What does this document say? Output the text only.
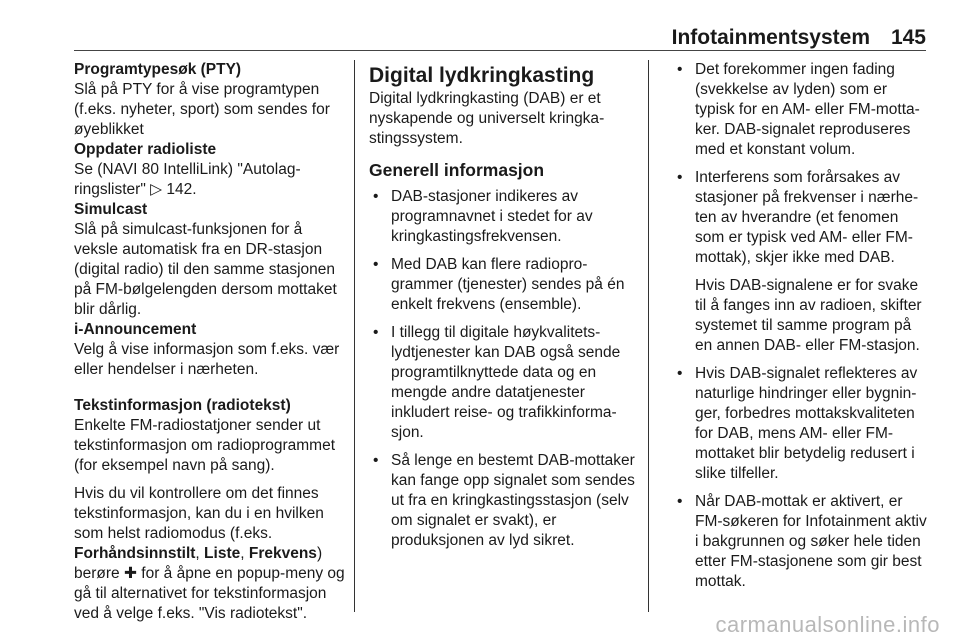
Infotainmentsystem 145
Programtypesøk (PTY)
Slå på PTY for å vise programtypen (f.eks. nyheter, sport) som sendes for øyeblikket
Oppdater radioliste
Se (NAVI 80 IntelliLink) "Autolagringslister" ▷ 142.
Simulcast
Slå på simulcast-funksjonen for å veksle automatisk fra en DR-stasjon (digital radio) til den samme stasjonen på FM-bølgelengden dersom mottaket blir dårlig.
i-Announcement
Velg å vise informasjon som f.eks. vær eller hendelser i nærheten.
Tekstinformasjon (radiotekst)

Enkelte FM-radiostatjoner sender ut tekstinformasjon om radioprogrammet (for eksempel navn på sang).

Hvis du vil kontrollere om det finnes tekstinformasjon, kan du i en hvilken som helst radiomodus (f.eks.
Forhåndsinnstilt, Liste, Frekvens)
berøre ✚ for å åpne en popup-meny og gå til alternativet for tekstinformasjon ved å velge f.eks. "Vis radiotekst".

Digital lydkringkasting

Digital lydkringkasting (DAB) er et nyskapende og universelt kringkastingssystem.

Generell informasjon
• DAB-stasjoner indikeres av programnavnet i stedet for av kringkastingsfrekvensen.
• Med DAB kan flere radioprogrammer (tjenester) sendes på én enkelt frekvens (ensemble).
• I tillegg til digitale høykvalitetslydtjenester kan DAB også sende programtilknyttede data og en mengde andre datatjenester inkludert reise- og trafikkinformasjon.
• Så lenge en bestemt DAB-mottaker kan fange opp signalet som sendes ut fra en kringkastingsstasjon (selv om signalet er svakt), er produksjonen av lyd sikret.
• Det forekommer ingen fading (svekkelse av lyden) som er typisk for en AM- eller FM-mottaker. DAB-signalet reproduseres med et konstant volum.
• Interferens som forårsakes av stasjoner på frekvenser i nærheten av hverandre (et fenomen som er typisk ved AM- eller FM-mottak), skjer ikke med DAB.
Hvis DAB-signalene er for svake til å fanges inn av radioen, skifter systemet til samme program på en annen DAB- eller FM-stasjon.
• Hvis DAB-signalet reflekteres av naturlige hindringer eller bygninger, forbedres mottakskvaliteten for DAB, mens AM- eller FM-mottaket blir betydelig redusert i slike tilfeller.
• Når DAB-mottak er aktivert, er FM-søkeren for Infotainment aktiv i bakgrunnen og søker hele tiden etter FM-stasjonene som gir best mottak.
carmanualsonline.info
